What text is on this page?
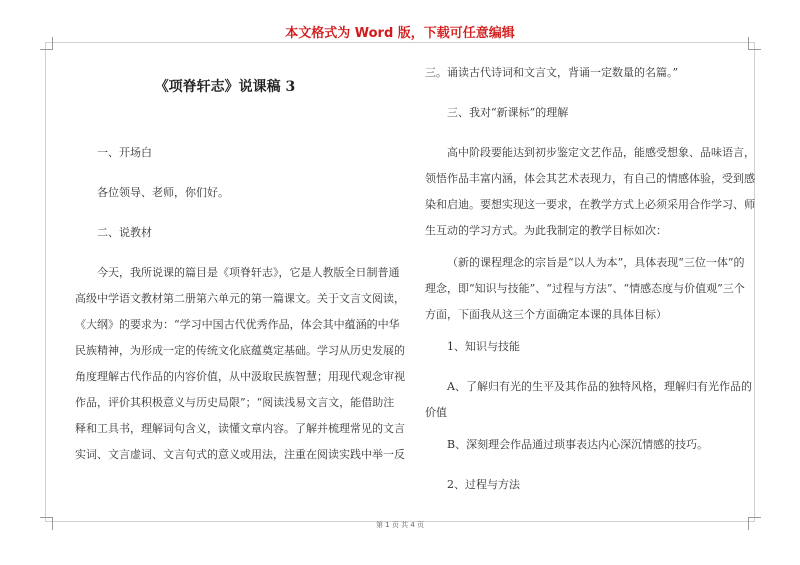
本文格式为 Word 版，下载可任意编辑
《项脊轩志》说课稿 3

一、开场白

各位领导、老师，你们好。

二、说教材

今天，我所说课的篇目是《项脊轩志》，它是人教版全日制普通高级中学语文教材第二册第六单元的第一篇课文。关于文言文阅读，《大纲》的要求为：“学习中国古代优秀作品，体会其中蕴涵的中华民族精神，为形成一定的传统文化底蕴奠定基础。学习从历史发展的角度理解古代作品的内容价值，从中汲取民族智慧；用现代观念审视作品，评价其积极意义与历史局限”；“阅读浅易文言文，能借助注释和工具书，理解词句含义，读懂文章内容。了解并梳理常见的文言实词、文言虚词、文言句式的意义或用法，注重在阅读实践中举一反

三。诵读古代诗词和文言文，背诵一定数量的名篇。”

三、我对“新课标”的理解

高中阶段要能达到初步鉴定文艺作品，能感受想象、品味语言，领悟作品丰富内涵，体会其艺术表现力，有自己的情感体验，受到感染和启迪。要想实现这一要求，在教学方式上必须采用合作学习、师生互动的学习方式。为此我制定的教学目标如次：

（新的课程理念的宗旨是“以人为本”，具体表现“三位一体”的理念，即“知识与技能”、“过程与方法”、“情感态度与价值观”三个方面，下面我从这三个方面确定本课的具体目标）

1、知识与技能

A、了解归有光的生平及其作品的独特风格，理解归有光作品的价值

B、深刻理会作品通过琐事表达内心深沉情感的技巧。

2、过程与方法

第 1 页 共 4 页
